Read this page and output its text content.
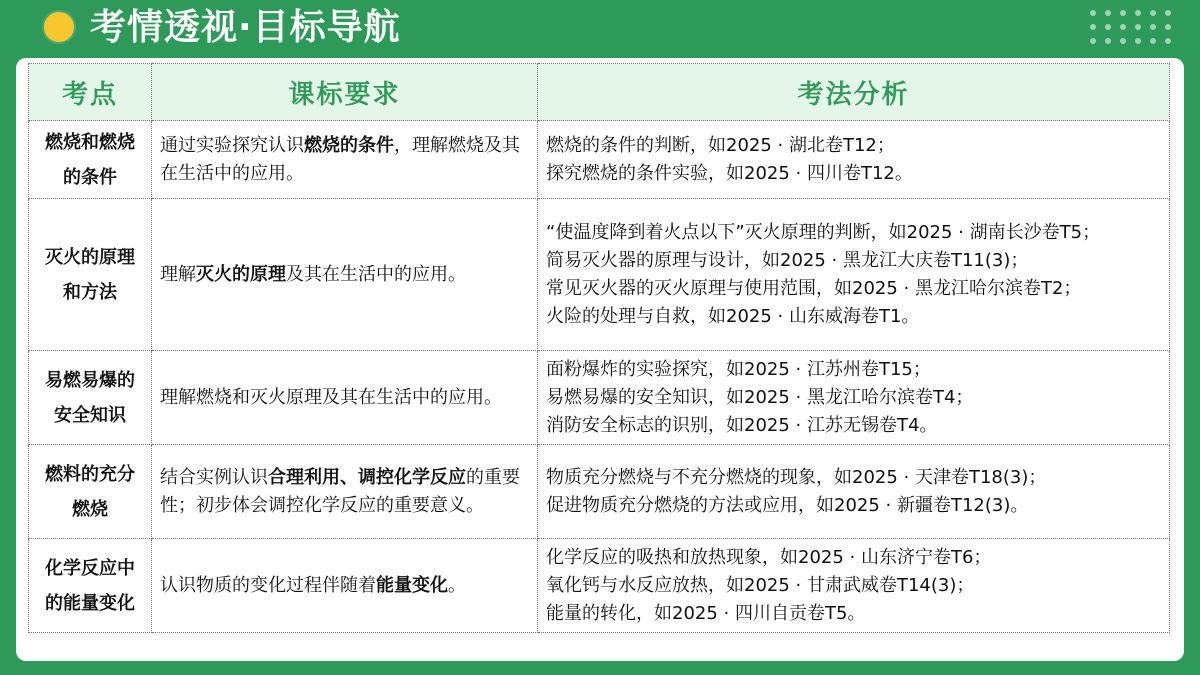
考情透视·目标导航
考点	课标要求	考法分析
燃烧和燃烧的条件	通过实验探究认识燃烧的条件，理解燃烧及其在生活中的应用。	燃烧的条件的判断，如2025 · 湖北卷T12；
探究燃烧的条件实验，如2025 · 四川卷T12。

灭火的原理和方法	理解灭火的原理及其在生活中的应用。	“使温度降到着火点以下”灭火原理的判断，如2025 · 湖南长沙卷T5；
简易灭火器的原理与设计，如2025 · 黑龙江大庆卷T11(3)；
常见灭火器的灭火原理与使用范围，如2025 · 黑龙江哈尔滨卷T2；
火险的处理与自救，如2025 · 山东威海卷T1。

易燃易爆的安全知识	理解燃烧和灭火原理及其在生活中的应用。	面粉爆炸的实验探究，如2025 · 江苏州卷T15；
易燃易爆的安全知识，如2025 · 黑龙江哈尔滨卷T4；
消防安全标志的识别，如2025 · 江苏无锡卷T4。

燃料的充分燃烧	结合实例认识合理利用、调控化学反应的重要性；初步体会调控化学反应的重要意义。	物质充分燃烧与不充分燃烧的现象，如2025 · 天津卷T18(3)；
促进物质充分燃烧的方法或应用，如2025 · 新疆卷T12(3)。

化学反应中的能量变化	认识物质的变化过程伴随着能量变化。	化学反应的吸热和放热现象，如2025 · 山东济宁卷T6；
氧化钙与水反应放热，如2025 · 甘肃武威卷T14(3)；
能量的转化，如2025 · 四川自贡卷T5。
